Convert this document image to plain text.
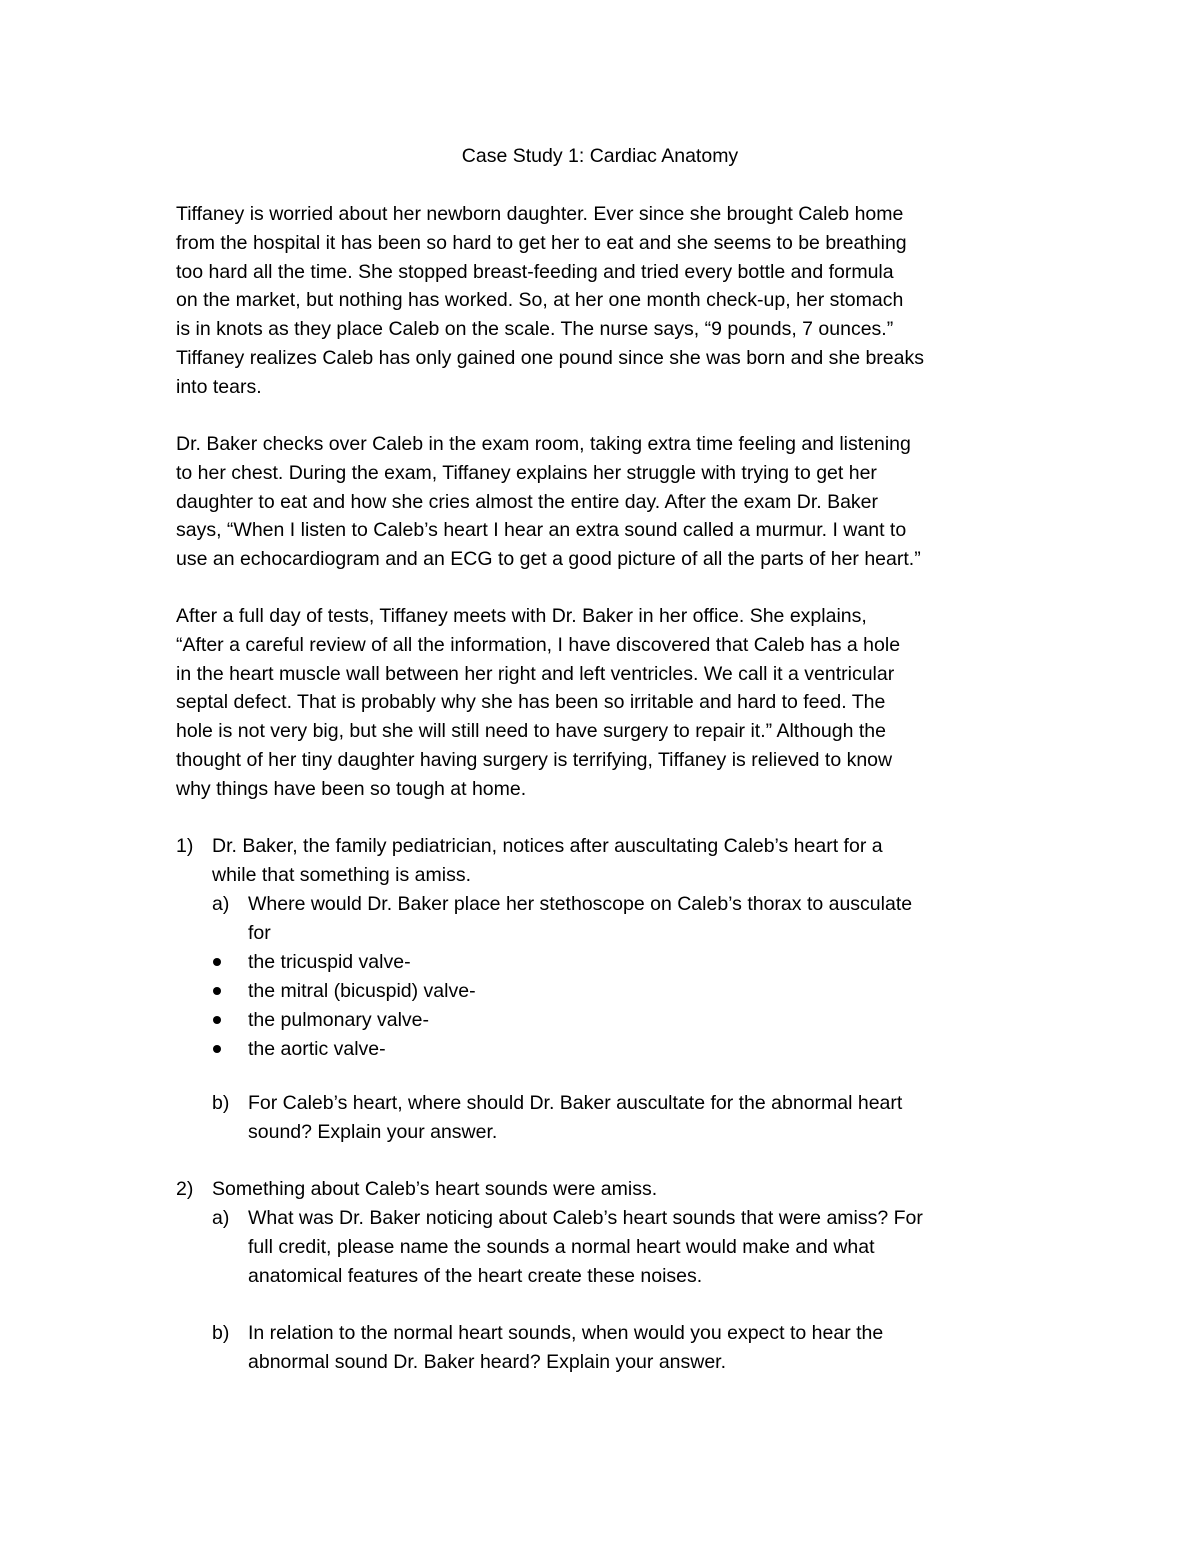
Case Study 1: Cardiac Anatomy
Tiffaney is worried about her newborn daughter. Ever since she brought Caleb home
from the hospital it has been so hard to get her to eat and she seems to be breathing
too hard all the time. She stopped breast-feeding and tried every bottle and formula
on the market, but nothing has worked. So, at her one month check-up, her stomach
is in knots as they place Caleb on the scale. The nurse says, “9 pounds, 7 ounces.”
Tiffaney realizes Caleb has only gained one pound since she was born and she breaks
into tears.
Dr. Baker checks over Caleb in the exam room, taking extra time feeling and listening
to her chest. During the exam, Tiffaney explains her struggle with trying to get her
daughter to eat and how she cries almost the entire day. After the exam Dr. Baker
says, “When I listen to Caleb’s heart I hear an extra sound called a murmur. I want to
use an echocardiogram and an ECG to get a good picture of all the parts of her heart.”
After a full day of tests, Tiffaney meets with Dr. Baker in her office. She explains,
“After a careful review of all the information, I have discovered that Caleb has a hole
in the heart muscle wall between her right and left ventricles. We call it a ventricular
septal defect. That is probably why she has been so irritable and hard to feed. The
hole is not very big, but she will still need to have surgery to repair it.” Although the
thought of her tiny daughter having surgery is terrifying, Tiffaney is relieved to know
why things have been so tough at home.
1) Dr. Baker, the family pediatrician, notices after auscultating Caleb’s heart for a
while that something is amiss.
a) Where would Dr. Baker place her stethoscope on Caleb’s thorax to ausculate
for
the tricuspid valve-
the mitral (bicuspid) valve-
the pulmonary valve-
the aortic valve-
b) For Caleb’s heart, where should Dr. Baker auscultate for the abnormal heart
sound? Explain your answer.
2) Something about Caleb’s heart sounds were amiss.
a) What was Dr. Baker noticing about Caleb’s heart sounds that were amiss? For
full credit, please name the sounds a normal heart would make and what
anatomical features of the heart create these noises.
b) In relation to the normal heart sounds, when would you expect to hear the
abnormal sound Dr. Baker heard? Explain your answer.
